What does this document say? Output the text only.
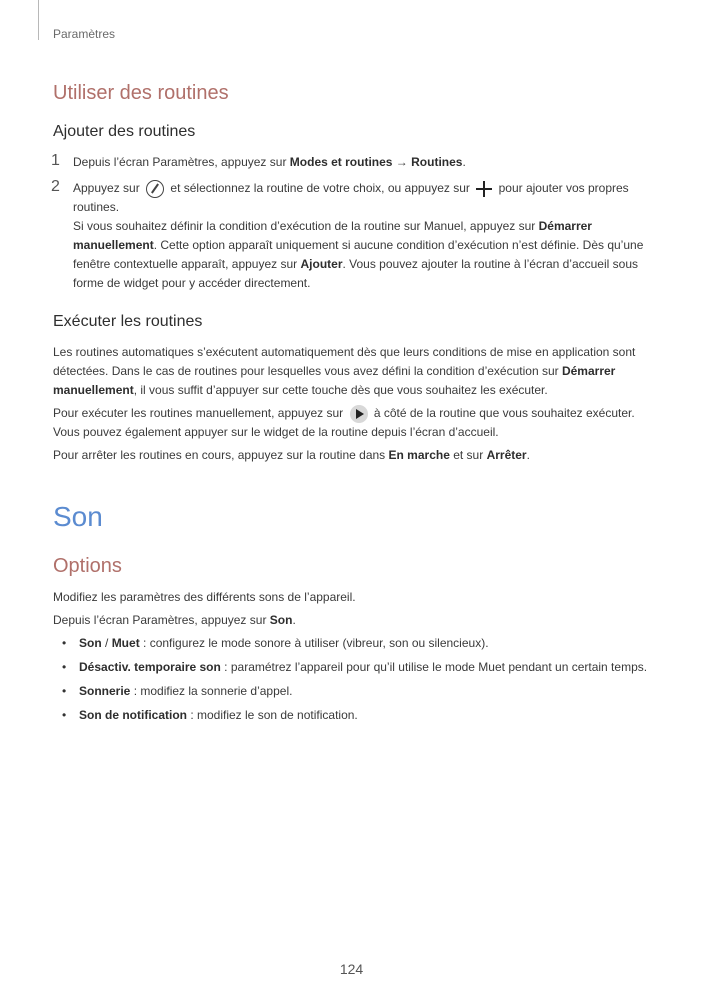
Paramètres
Utiliser des routines
Ajouter des routines
1 Depuis l’écran Paramètres, appuyez sur Modes et routines → Routines.
2 Appuyez sur	et sélectionnez la routine de votre choix, ou appuyez sur pour ajouter vos propres routines.
Si vous souhaitez définir la condition d’exécution de la routine sur Manuel, appuyez sur Démarrer manuellement. Cette option apparaît uniquement si aucune condition d’exécution n’est définie. Dès qu’une fenêtre contextuelle apparaît, appuyez sur Ajouter. Vous pouvez ajouter la routine à l’écran d’accueil sous forme de widget pour y accéder directement.
Exécuter les routines

Les routines automatiques s’exécutent automatiquement dès que leurs conditions de mise en application sont détectées. Dans le cas de routines pour lesquelles vous avez défini la condition d’exécution sur Démarrer manuellement, il vous suffit d’appuyer sur cette touche dès que vous souhaitez les exécuter.

Pour exécuter les routines manuellement, appuyez sur	à côté de la routine que vous souhaitez exécuter. Vous pouvez également appuyer sur le widget de la routine depuis l’écran d’accueil.

Pour arrêter les routines en cours, appuyez sur la routine dans En marche et sur Arrêter.

Son
Options

Modifiez les paramètres des différents sons de l’appareil.

Depuis l’écran Paramètres, appuyez sur Son.

• Son / Muet : configurez le mode sonore à utiliser (vibreur, son ou silencieux).
• Désactiv. temporaire son : paramétrez l’appareil pour qu’il utilise le mode Muet pendant un certain temps.
• Sonnerie : modifiez la sonnerie d’appel.
• Son de notification : modifiez le son de notification.
124
